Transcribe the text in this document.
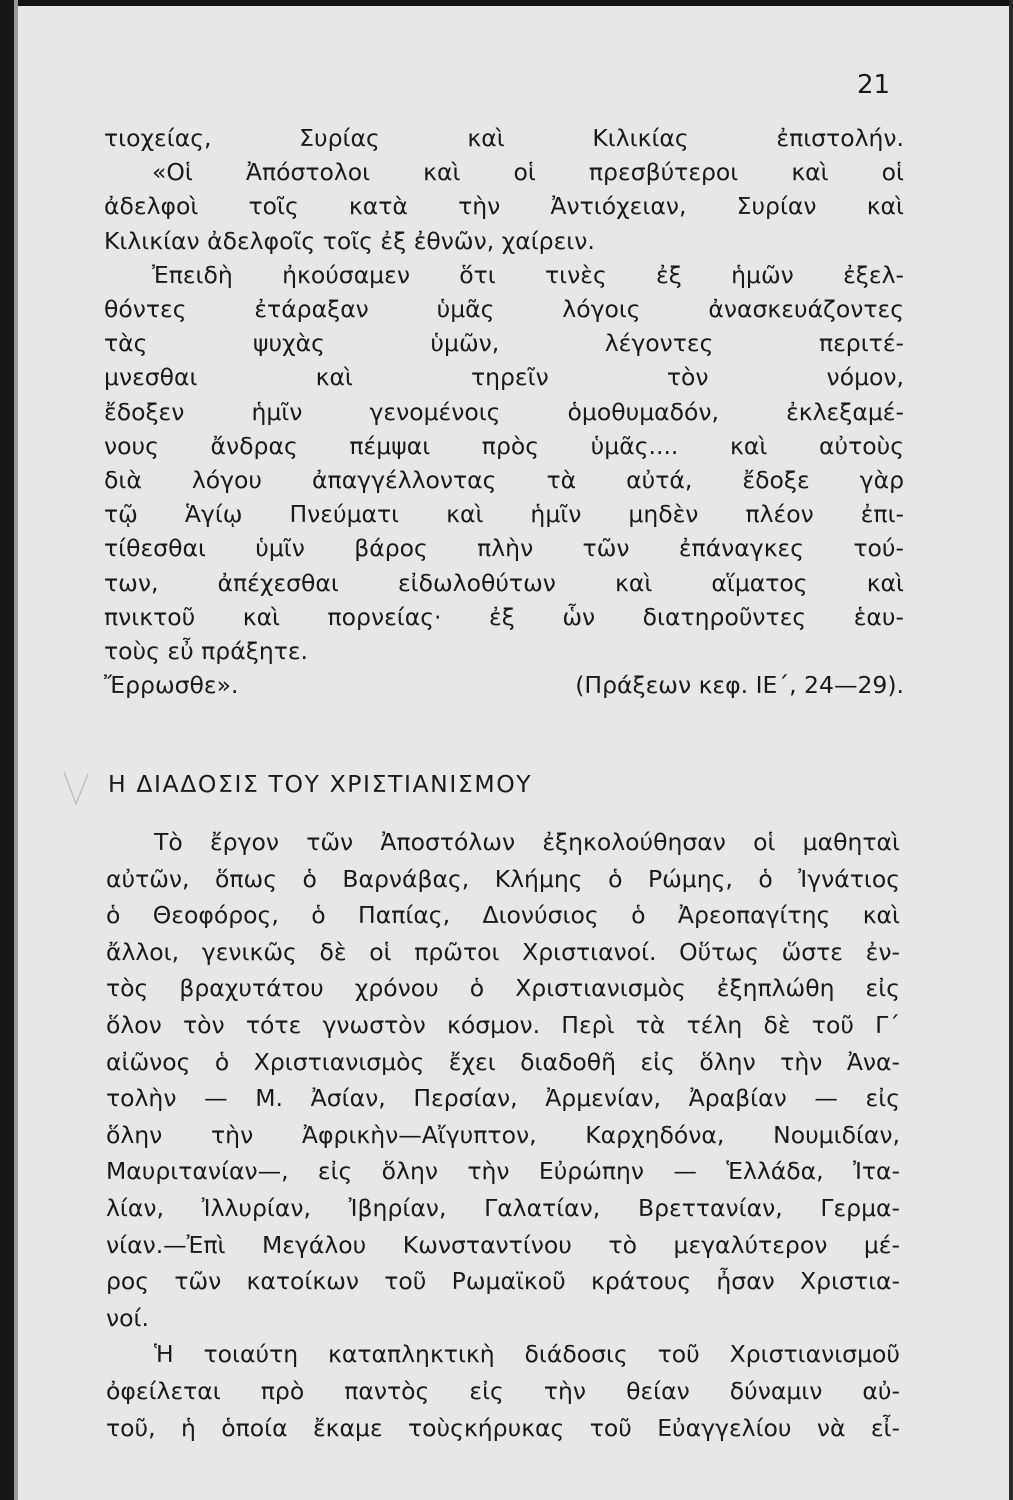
21
τιοχείας, Συρίας καὶ Κιλικίας ἐπιστολήν.
«Οἱ Ἀπόστολοι καὶ οἱ πρεσβύτεροι καὶ οἱ
ἀδελφοὶ τοῖς κατὰ τὴν Ἀντιόχειαν, Συρίαν καὶ
Κιλικίαν ἀδελφοῖς τοῖς ἐξ ἐθνῶν, χαίρειν.
Ἐπειδὴ ἠκούσαμεν ὅτι τινὲς ἐξ ἡμῶν ἐξελ-
θόντες ἐτάραξαν ὑμᾶς λόγοις ἀνασκευάζοντες
τὰς ψυχὰς ὑμῶν, λέγοντες περιτέ-
μνεσθαι καὶ τηρεῖν τὸν νόμον,
ἔδοξεν ἡμῖν γενομένοις ὁμοθυμαδόν, ἐκλεξαμέ-
νους ἄνδρας πέμψαι πρὸς ὑμᾶς.... καὶ αὐτοὺς
διὰ λόγου ἀπαγγέλλοντας τὰ αὐτά, ἔδοξε γὰρ
τῷ Ἁγίῳ Πνεύματι καὶ ἡμῖν μηδὲν πλέον ἐπι-
τίθεσθαι ὑμῖν βάρος πλὴν τῶν ἐπάναγκες τού-
των, ἀπέχεσθαι εἰδωλοθύτων καὶ αἵματος καὶ
πνικτοῦ καὶ πορνείας· ἐξ ὧν διατηροῦντες ἑαυ-
τοὺς εὖ πράξητε.
Ἔρρωσθε».	(Πράξεων κεφ. ΙΕ΄, 24—29).
Η ΔΙΑΔΟΣΙΣ ΤΟΥ ΧΡΙΣΤΙΑΝΙΣΜΟΥ
Τὸ ἔργον τῶν Ἀποστόλων ἐξηκολούθησαν οἱ μαθηταὶ
αὐτῶν, ὅπως ὁ Βαρνάβας, Κλήμης ὁ Ρώμης, ὁ Ἰγνάτιος
ὁ Θεοφόρος, ὁ Παπίας, Διονύσιος ὁ Ἀρεοπαγίτης καὶ
ἄλλοι, γενικῶς δὲ οἱ πρῶτοι Χριστιανοί. Οὕτως ὥστε ἐν-
τὸς βραχυτάτου χρόνου ὁ Χριστιανισμὸς ἐξηπλώθη εἰς
ὅλον τὸν τότε γνωστὸν κόσμον. Περὶ τὰ τέλη δὲ τοῦ Γ΄
αἰῶνος ὁ Χριστιανισμὸς ἔχει διαδοθῆ εἰς ὅλην τὴν Ἀνα-
τολὴν — Μ. Ἀσίαν, Περσίαν, Ἀρμενίαν, Ἀραβίαν — εἰς
ὅλην τὴν Ἀφρικὴν—Αἴγυπτον, Καρχηδόνα, Νουμιδίαν,
Μαυριτανίαν—, εἰς ὅλην τὴν Εὐρώπην — Ἑλλάδα, Ἰτα-
λίαν, Ἰλλυρίαν, Ἰβηρίαν, Γαλατίαν, Βρεττανίαν, Γερμα-
νίαν.—Ἐπὶ Μεγάλου Κωνσταντίνου τὸ μεγαλύτερον μέ-
ρος τῶν κατοίκων τοῦ Ρωμαϊκοῦ κράτους ἦσαν Χριστια-
νοί.
Ἡ τοιαύτη καταπληκτικὴ διάδοσις τοῦ Χριστιανισμοῦ
ὀφείλεται πρὸ παντὸς εἰς τὴν θείαν δύναμιν αὐ-
τοῦ, ἡ ὁποία ἔκαμε τοὺςκήρυκας τοῦ Εὐαγγελίου νὰ εἶ-
